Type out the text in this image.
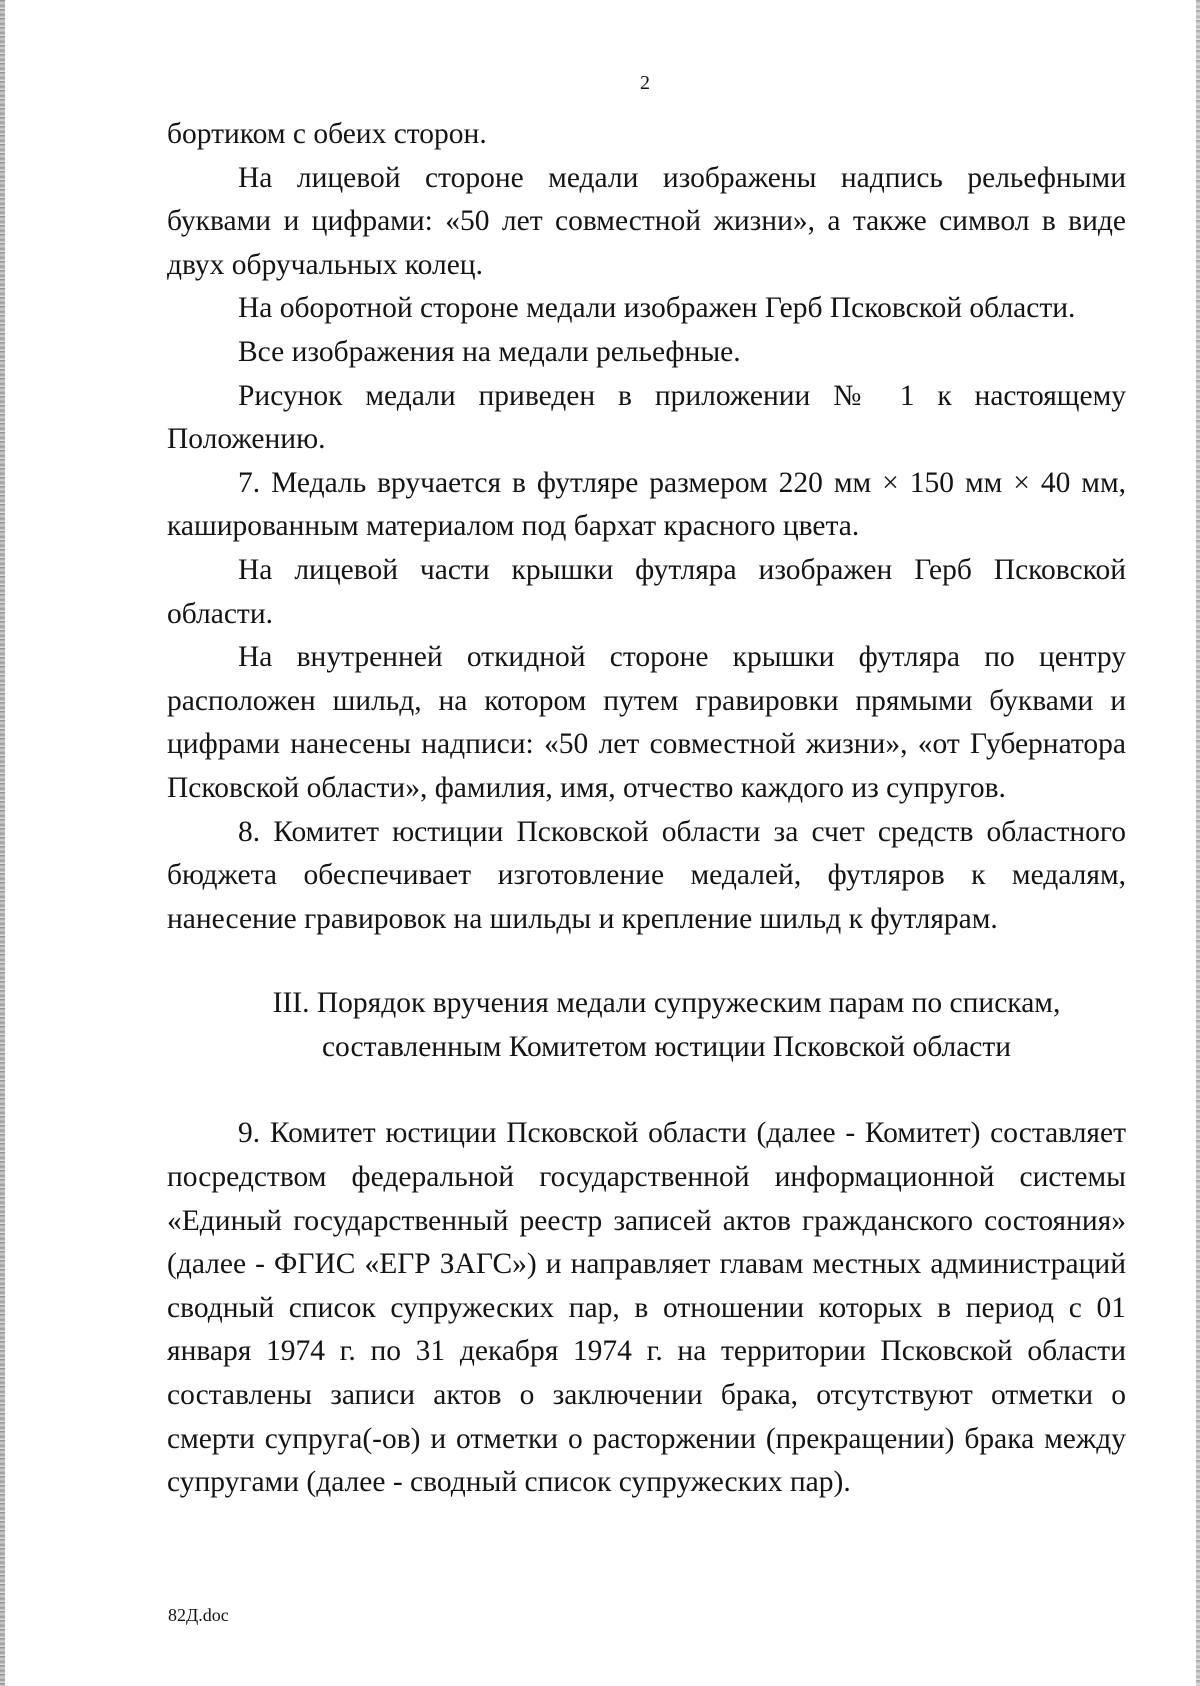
2

бортиком с обеих сторон.

На лицевой стороне медали изображены надпись рельефными буквами и цифрами: «50 лет совместной жизни», а также символ в виде двух обручальных колец.

На оборотной стороне медали изображен Герб Псковской области.

Все изображения на медали рельефные.

Рисунок медали приведен в приложении № 1 к настоящему Положению.

7. Медаль вручается в футляре размером 220 мм × 150 мм × 40 мм, кашированным материалом под бархат красного цвета.

На лицевой части крышки футляра изображен Герб Псковской области.

На внутренней откидной стороне крышки футляра по центру расположен шильд, на котором путем гравировки прямыми буквами и цифрами нанесены надписи: «50 лет совместной жизни», «от Губернатора Псковской области», фамилия, имя, отчество каждого из супругов.

8. Комитет юстиции Псковской области за счет средств областного бюджета обеспечивает изготовление медалей, футляров к медалям, нанесение гравировок на шильды и крепление шильд к футлярам.

III. Порядок вручения медали супружеским парам по спискам,
составленным Комитетом юстиции Псковской области

9. Комитет юстиции Псковской области (далее - Комитет) составляет посредством федеральной государственной информационной системы «Единый государственный реестр записей актов гражданского состояния» (далее - ФГИС «ЕГР ЗАГС») и направляет главам местных администраций сводный список супружеских пар, в отношении которых в период с 01 января 1974 г. по 31 декабря 1974 г. на территории Псковской области составлены записи актов о заключении брака, отсутствуют отметки о смерти супруга(-ов) и отметки о расторжении (прекращении) брака между супругами (далее - сводный список супружеских пар).

82Д.doc
